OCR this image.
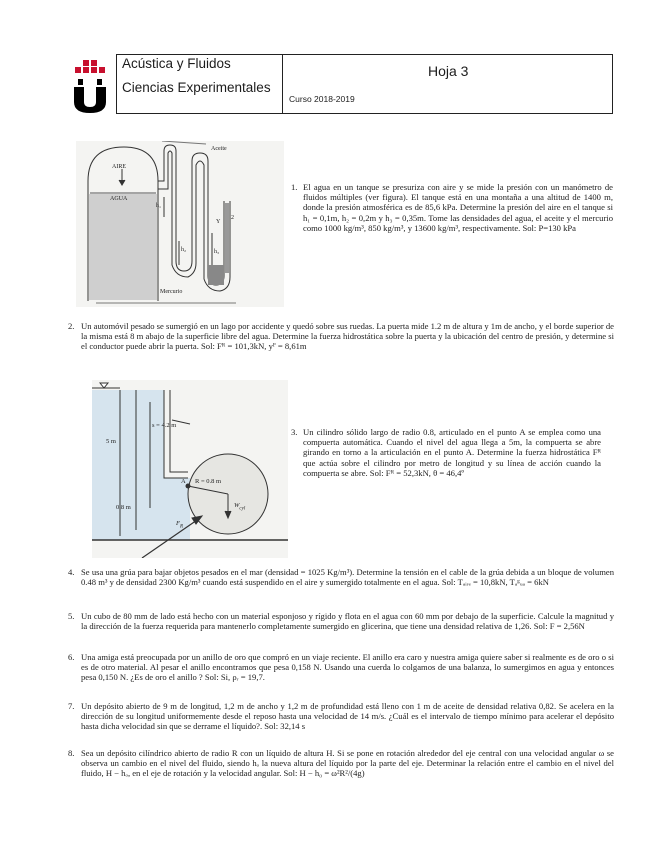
Acústica y Fluidos
Ciencias Experimentales
Curso 2018-2019
Hoja 3
Aceite
AIRE
AGUA
Mercurio
h₁
h₂	h₃
Y
2
1. El agua en un tanque se presuriza con aire y se mide la presión con un manómetro de fluidos múltiples (ver figura). El tanque está en una montaña a una altitud de 1400 m, donde la presión atmosférica es de 85,6 kPa. Determine la presión del aire en el tanque si h₁ = 0,1m, h₂ = 0,2m y h₃ = 0,35m. Tome las densidades del agua, el aceite y el mercurio como 1000 kg/m³, 850 kg/m³, y 13600 kg/m³, respectivamente. Sol: P=130 kPa
2. Un automóvil pesado se sumergió en un lago por accidente y quedó sobre sus ruedas. La puerta mide 1.2 m de altura y 1m de ancho, y el borde superior de la misma está 8 m abajo de la superficie libre del agua. Determine la fuerza hidrostática sobre la puerta y la ubicación del centro de presión, y determine si el conductor puede abrir la puerta. Sol: Fᴿ = 101,3kN, yᴾ = 8,61m
s = 4.2 m
5 m
0.8 m
A R = 0.8 m
$F_R$
$W_{cyl}$
3. Un cilindro sólido largo de radio 0.8, articulado en el punto A se emplea como una compuerta automática. Cuando el nivel del agua llega a 5m, la compuerta se abre girando en torno a la articulación en el punto A. Determine la fuerza hidrostática Fᴿ que actúa sobre el cilindro por metro de longitud y su línea de acción cuando la compuerta se abre. Sol: Fᴿ = 52,3kN, θ = 46,4º
4. Se usa una grúa para bajar objetos pesados en el mar (densidad = 1025 Kg/m³). Determine la tensión en el cable de la grúa debida a un bloque de volumen 0.48 m³ y de densidad 2300 Kg/m³ cuando está suspendido en el aire y sumergido totalmente en el agua. Sol: Tₐᵢᵣₑ = 10,8kN, Tₐᵍᵤₐ = 6kN
5. Un cubo de 80 mm de lado está hecho con un material esponjoso y rígido y flota en el agua con 60 mm por debajo de la superficie. Calcule la magnitud y la dirección de la fuerza requerida para mantenerlo completamente sumergido en glicerina, que tiene una densidad relativa de 1,26. Sol: F = 2,56N
6. Una amiga está preocupada por un anillo de oro que compró en un viaje reciente. El anillo era caro y nuestra amiga quiere saber si realmente es de oro o si es de otro material. Al pesar el anillo encontramos que pesa 0,158 N. Usando una cuerda lo colgamos de una balanza, lo sumergimos en agua y entonces pesa 0,150 N. ¿Es de oro el anillo ? Sol: Si, ρᵣ = 19,7.
7. Un depósito abierto de 9 m de longitud, 1,2 m de ancho y 1,2 m de profundidad está lleno con 1 m de aceite de densidad relativa 0,82. Se acelera en la dirección de su longitud uniformemente desde el reposo hasta una velocidad de 14 m/s. ¿Cuál es el intervalo de tiempo mínimo para acelerar el depósito hasta dicha velocidad sin que se derrame el líquido?. Sol: 32,14 s
8. Sea un depósito cilíndrico abierto de radio R con un líquido de altura H. Si se pone en rotación alrededor del eje central con una velocidad angular ω se observa un cambio en el nivel del fluido, siendo hₒ la nueva altura del líquido por la parte del eje. Determinar la relación entre el cambio en el nivel del fluido, H − hₒ, en el eje de rotación y la velocidad angular. Sol: H − h₀ = ω²R²/(4g)
